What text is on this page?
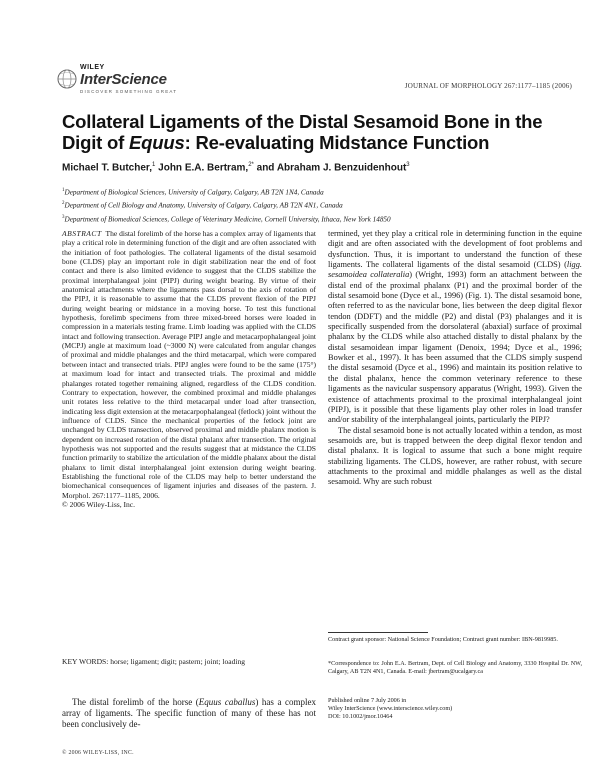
WILEY
InterScience
DISCOVER SOMETHING GREAT
JOURNAL OF MORPHOLOGY 267:1177–1185 (2006)
Collateral Ligaments of the Distal Sesamoid Bone in the Digit of Equus: Re-evaluating Midstance Function
Michael T. Butcher,$^1$ John E.A. Bertram,$^{2*}$ and Abraham J. Benzuidenhout$^3$
$^1$Department of Biological Sciences, University of Calgary, Calgary, AB T2N 1N4, Canada
$^2$Department of Cell Biology and Anatomy, University of Calgary, Calgary, AB T2N 4N1, Canada
$^3$Department of Biomedical Sciences, College of Veterinary Medicine, Cornell University, Ithaca, New York 14850

ABSTRACT The distal forelimb of the horse has a complex array of ligaments that play a critical role in determining function of the digit and are often associated with the initiation of foot pathologies. The collateral ligaments of the distal sesamoid bone (CLDS) play an important role in digit stabilization near the end of foot contact and there is also limited evidence to suggest that the CLDS stabilize the proximal interphalangeal joint (PIPJ) during weight bearing. By virtue of their anatomical attachments where the ligaments pass dorsal to the axis of rotation of the PIPJ, it is reasonable to assume that the CLDS prevent flexion of the PIPJ during weight bearing or midstance in a moving horse. To test this functional hypothesis, forelimb specimens from three mixed-breed horses were loaded in compression in a materials testing frame. Limb loading was applied with the CLDS intact and following transection. Average PIPJ angle and metacarpophalangeal joint (MCPJ) angle at maximum load (~3000 N) were calculated from angular changes of proximal and middle phalanges and the third metacarpal, which were compared between intact and transected trials. PIPJ angles were found to be the same (175°) at maximum load for intact and transected trials. The proximal and middle phalanges rotated together remaining aligned, regardless of the CLDS condition. Contrary to expectation, however, the combined proximal and middle phalanges unit rotates less relative to the third metacarpal under load after transection, indicating less digit extension at the metacarpophalangeal (fetlock) joint without the influence of CLDS. Since the mechanical properties of the fetlock joint are unchanged by CLDS transection, observed proximal and middle phalanx motion is dependent on increased rotation of the distal phalanx after transection. The original hypothesis was not supported and the results suggest that at midstance the CLDS function primarily to stabilize the articulation of the middle phalanx about the distal phalanx to limit distal interphalangeal joint extension during weight bearing. Establishing the functional role of the CLDS may help to better understand the biomechanical consequences of ligament injuries and diseases of the pastern. J. Morphol. 267:1177–1185, 2006.

© 2006 Wiley-Liss, Inc.

KEY WORDS: horse; ligament; digit; pastern; joint; loading
The distal forelimb of the horse (Equus caballus) has a complex array of ligaments. The specific function of many of these has not been conclusively de-
© 2006 WILEY-LISS, INC.

termined, yet they play a critical role in determining function in the equine digit and are often associated with the development of foot problems and dysfunction. Thus, it is important to understand the function of these ligaments. The collateral ligaments of the distal sesamoid (CLDS) (ligg. sesamoidea collateralia) (Wright, 1993) form an attachment between the distal end of the proximal phalanx (P1) and the proximal border of the distal sesamoid bone (Dyce et al., 1996) (Fig. 1). The distal sesamoid bone, often referred to as the navicular bone, lies between the deep digital flexor tendon (DDFT) and the middle (P2) and distal (P3) phalanges and it is specifically suspended from the dorsolateral (abaxial) surface of proximal phalanx by the CLDS while also attached distally to distal phalanx by the distal sesamoidean impar ligament (Denoix, 1994; Dyce et al., 1996; Bowker et al., 1997). It has been assumed that the CLDS simply suspend the distal sesamoid (Dyce et al., 1996) and maintain its position relative to the distal phalanx, hence the common veterinary reference to these ligaments as the navicular suspensory apparatus (Wright, 1993). Given the existence of attachments proximal to the proximal interphalangeal joint (PIPJ), is it possible that these ligaments play other roles in load transfer and/or stability of the interphalangeal joints, particularly the PIPJ?

The distal sesamoid bone is not actually located within a tendon, as most sesamoids are, but is trapped between the deep digital flexor tendon and distal phalanx. It is logical to assume that such a bone might require stabilizing ligaments. The CLDS, however, are rather robust, with secure attachments to the proximal and middle phalanges as well as the distal sesamoid. Why are such robust

Contract grant sponsor: National Science Foundation; Contract grant number: IBN-9819985.
*Correspondence to: John E.A. Bertram, Dept. of Cell Biology and Anatomy, 3330 Hospital Dr. NW, Calgary, AB T2N 4N1, Canada. E-mail: jbertram@ucalgary.ca
Published online 7 July 2006 in
Wiley InterScience (www.interscience.wiley.com)
DOI: 10.1002/jmor.10464
